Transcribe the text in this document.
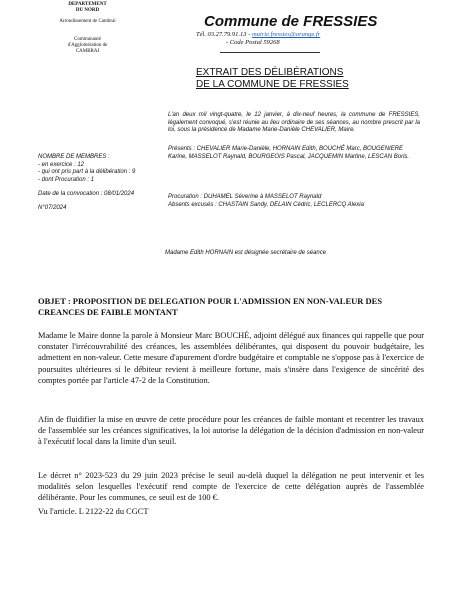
DEPARTEMENT
DU NORD
Arrondissement de Cambrai
Communauté
d'Agglomération de
CAMBRAI
Commune de FRESSIES
Tél. 03.27.79.91.13 - mairie.fressies@orange.fr
- Code Postal 59268
EXTRAIT DES DÉLIBÉRATIONS
DE LA COMMUNE DE FRESSIES
L'an deux mil vingt-quatre, le 12 janvier, à dix-neuf heures, la commune de FRESSIES, légalement convoqué, s'est réunie au lieu ordinaire de ses séances, au nombre prescrit par la loi, sous la présidence de Madame Marie-Danièle CHEVALIER, Maire.
NOMBRE DE MEMBRES :
- en exercice : 12
- qui ont pris part à la délibération : 9
- dont Procuration : 1
Date de la convocation : 08/01/2024
N°07/2024
Présents : CHEVALIER Marie-Danièle, HORNAIN Edith, BOUCHÉ Marc, BOUGENIERE Karine, MASSELOT Raynald, BOURGEOIS Pascal, JACQUEMIN Martine, LESCAN Boris.
Procuration : DUHAMEL Séverine à MASSELOT Raynald
Absents excusés : CHASTAIN Sandy, DELAIN Cédric, LECLERCQ Alexia
Madame Edith HORNAIN est désignée secrétaire de séance
OBJET : PROPOSITION DE DELEGATION POUR L'ADMISSION EN NON-VALEUR DES CREANCES DE FAIBLE MONTANT
Madame le Maire donne la parole à Monsieur Marc BOUCHÉ, adjoint délégué aux finances qui rappelle que pour constater l'irrécouvrabilité des créances, les assemblées délibérantes, qui disposent du pouvoir budgétaire, les admettent en non-valeur. Cette mesure d'apurement d'ordre budgétaire et comptable ne s'oppose pas à l'exercice de poursuites ultérieures si le débiteur revient à meilleure fortune, mais s'insère dans l'exigence de sincérité des comptes portée par l'article 47-2 de la Constitution.
Afin de fluidifier la mise en œuvre de cette procédure pour les créances de faible montant et recentrer les travaux de l'assemblée sur les créances significatives, la loi autorise la délégation de la décision d'admission en non-valeur à l'exécutif local dans la limite d'un seuil.
Le décret n° 2023-523 du 29 juin 2023 précise le seuil au-delà duquel la délégation ne peut intervenir et les modalités selon lesquelles l'exécutif rend compte de l'exercice de cette délégation auprès de l'assemblée délibérante. Pour les communes, ce seuil est de 100 €.
Vu l'article. L 2122-22 du CGCT
